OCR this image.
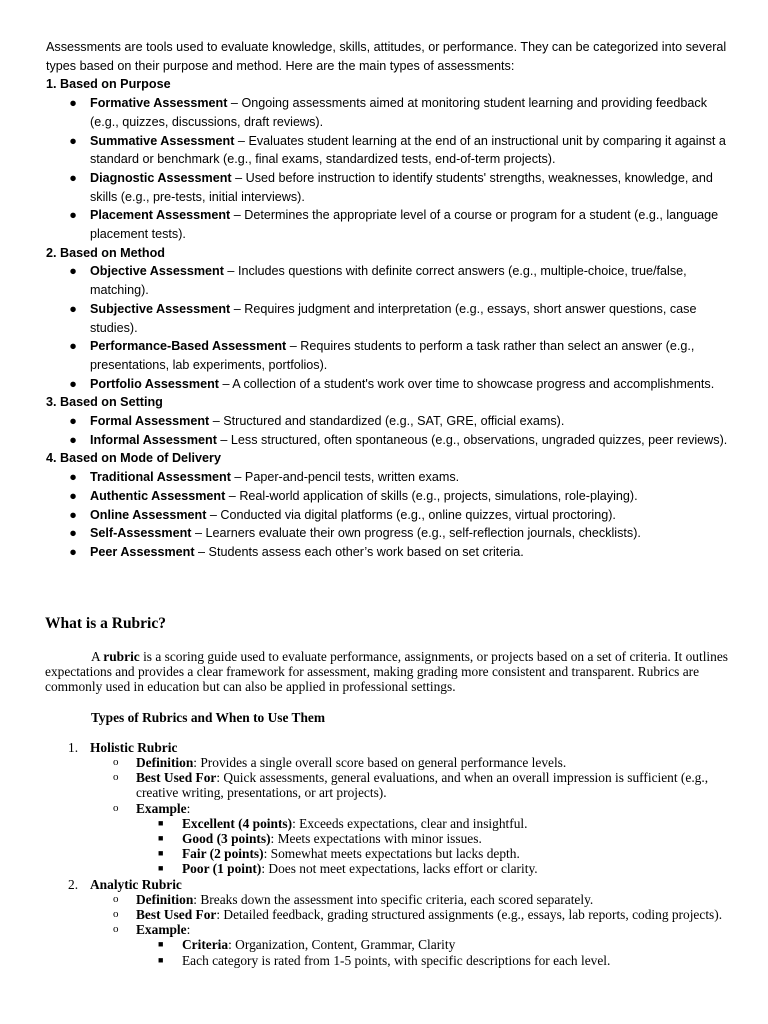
Assessments are tools used to evaluate knowledge, skills, attitudes, or performance. They can be categorized into several types based on their purpose and method. Here are the main types of assessments:

1. Based on Purpose

● Formative Assessment – Ongoing assessments aimed at monitoring student learning and providing feedback (e.g., quizzes, discussions, draft reviews).
● Summative Assessment – Evaluates student learning at the end of an instructional unit by comparing it against a standard or benchmark (e.g., final exams, standardized tests, end-of-term projects).
● Diagnostic Assessment – Used before instruction to identify students' strengths, weaknesses, knowledge, and skills (e.g., pre-tests, initial interviews).
● Placement Assessment – Determines the appropriate level of a course or program for a student (e.g., language placement tests).

2. Based on Method

● Objective Assessment – Includes questions with definite correct answers (e.g., multiple-choice, true/false, matching).
● Subjective Assessment – Requires judgment and interpretation (e.g., essays, short answer questions, case studies).
● Performance-Based Assessment – Requires students to perform a task rather than select an answer (e.g., presentations, lab experiments, portfolios).
● Portfolio Assessment – A collection of a student's work over time to showcase progress and accomplishments.

3. Based on Setting

● Formal Assessment – Structured and standardized (e.g., SAT, GRE, official exams).
● Informal Assessment – Less structured, often spontaneous (e.g., observations, ungraded quizzes, peer reviews).

4. Based on Mode of Delivery

● Traditional Assessment – Paper-and-pencil tests, written exams.
● Authentic Assessment – Real-world application of skills (e.g., projects, simulations, role-playing).
● Online Assessment – Conducted via digital platforms (e.g., online quizzes, virtual proctoring).
● Self-Assessment – Learners evaluate their own progress (e.g., self-reflection journals, checklists).
● Peer Assessment – Students assess each other’s work based on set criteria.
What is a Rubric?

A rubric is a scoring guide used to evaluate performance, assignments, or projects based on a set of criteria. It outlines expectations and provides a clear framework for assessment, making grading more consistent and transparent. Rubrics are commonly used in education but can also be applied in professional settings.

Types of Rubrics and When to Use Them

1. Holistic Rubric
o Definition: Provides a single overall score based on general performance levels.
o Best Used For: Quick assessments, general evaluations, and when an overall impression is sufficient (e.g., creative writing, presentations, or art projects).
o Example:
■ Excellent (4 points): Exceeds expectations, clear and insightful.
■ Good (3 points): Meets expectations with minor issues.
■ Fair (2 points): Somewhat meets expectations but lacks depth.
■ Poor (1 point): Does not meet expectations, lacks effort or clarity.
2. Analytic Rubric
o Definition: Breaks down the assessment into specific criteria, each scored separately.
o Best Used For: Detailed feedback, grading structured assignments (e.g., essays, lab reports, coding projects).
o Example:
■ Criteria: Organization, Content, Grammar, Clarity
■ Each category is rated from 1-5 points, with specific descriptions for each level.
